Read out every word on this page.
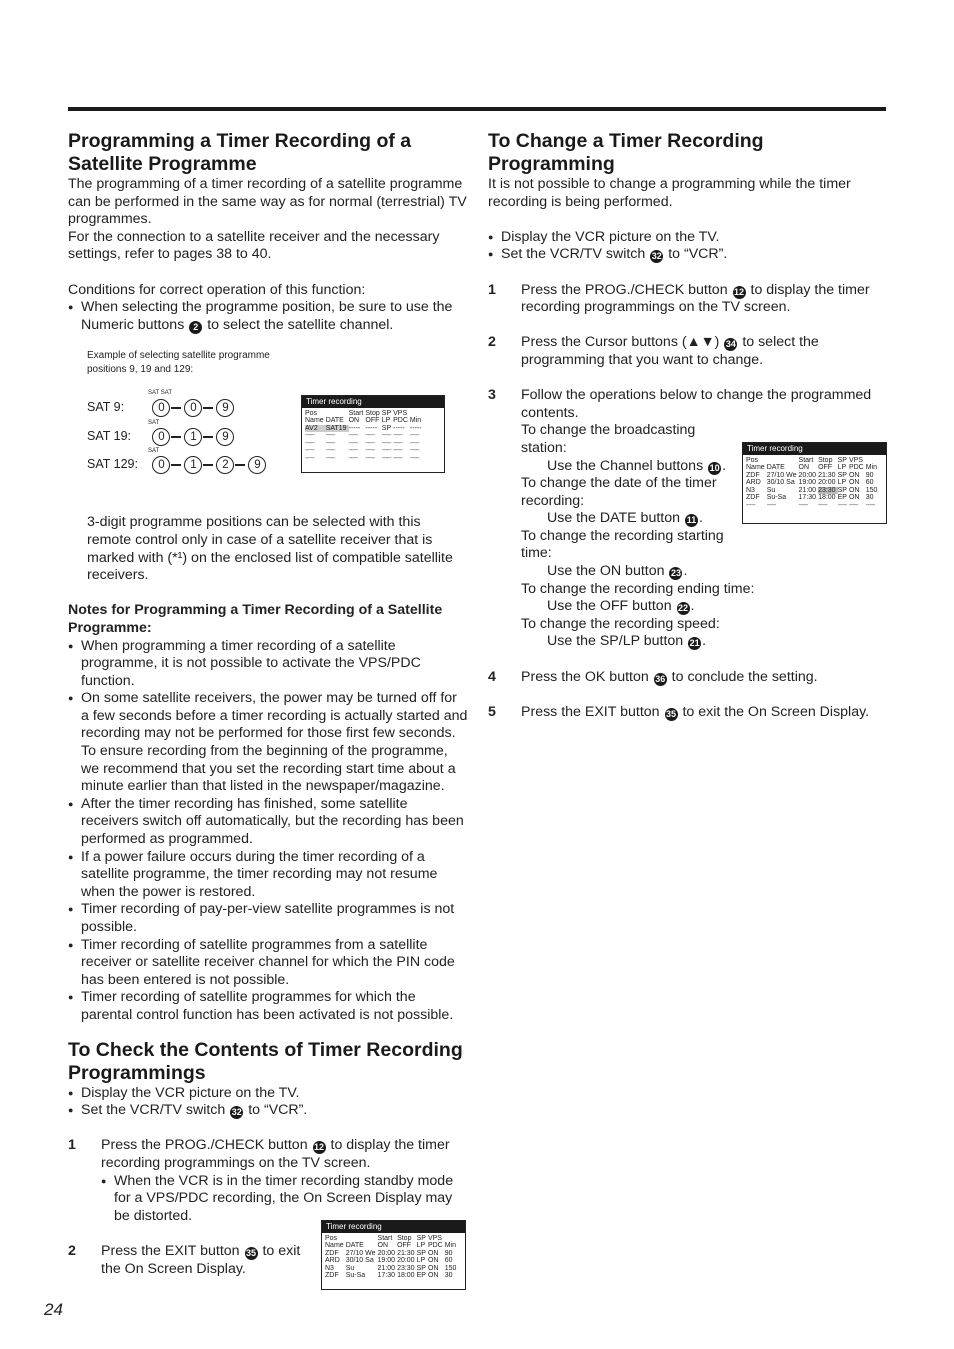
Programming a Timer Recording of a Satellite Programme

The programming of a timer recording of a satellite programme can be performed in the same way as for normal (terrestrial) TV programmes.

For the connection to a satellite receiver and the necessary settings, refer to pages 38 to 40.

Conditions for correct operation of this function:

● When selecting the programme position, be sure to use the Numeric buttons 2 to select the satellite channel.
Example of selecting satellite programme positions 9, 19 and 129:
SAT 9:	0 0 9
SAT 19: 0 1 9
SAT 129: 0 1 2 9
SAT SAT
SAT
SAT
Timer recording
Pos		Start	Stop	SP	VPS	
Name	DATE	ON	OFF	LP	PDC	Min
AV2	SAT19	-----	-----	SP	-----	-----
-----	-----	-----	-----	-----	-----	-----
-----	-----	-----	-----	-----	-----	-----
-----	-----	-----	-----	-----	-----	-----
-----	-----	-----	-----	-----	-----	-----

3-digit programme positions can be selected with this remote control only in case of a satellite receiver that is marked with (*¹) on the enclosed list of compatible satellite receivers.

Notes for Programming a Timer Recording of a Satellite Programme:

● When programming a timer recording of a satellite programme, it is not possible to activate the VPS/PDC function.
● On some satellite receivers, the power may be turned off for a few seconds before a timer recording is actually started and recording may not be performed for those first few seconds. To ensure recording from the beginning of the programme, we recommend that you set the recording start time about a minute earlier than that listed in the newspaper/magazine.
● After the timer recording has finished, some satellite receivers switch off automatically, but the recording has been performed as programmed.
● If a power failure occurs during the timer recording of a satellite programme, the timer recording may not resume when the power is restored.
● Timer recording of pay-per-view satellite programmes is not possible.
● Timer recording of satellite programmes from a satellite receiver or satellite receiver channel for which the PIN code has been entered is not possible.
● Timer recording of satellite programmes for which the parental control function has been activated is not possible.
To Check the Contents of Timer Recording Programmings
● Display the VCR picture on the TV.
● Set the VCR/TV switch 32 to “VCR”.
1 Press the PROG./CHECK button 12 to display the timer recording programmings on the TV screen.
● When the VCR is in the timer recording standby mode for a VPS/PDC recording, the On Screen Display may be distorted.
2 Press the EXIT button 35 to exit the On Screen Display.
Timer recording
Pos		Start	Stop	SP	VPS	
Name	DATE	ON	OFF	LP	PDC	Min
ZDF	27/10 We	20:00	21:30	SP	ON	90
ARD	30/10 Sa	19:00	20:00	LP	ON	60
N3	Su	21:00	23:30	SP	ON	150
ZDF	Su-Sa	17:30	18:00	EP	ON	30
To Change a Timer Recording Programming

It is not possible to change a programming while the timer recording is being performed.

● Display the VCR picture on the TV.
● Set the VCR/TV switch 32 to “VCR”.
1 Press the PROG./CHECK button 12 to display the timer recording programmings on the TV screen.
2 Press the Cursor buttons (▲▼) 34 to select the programming that you want to change.
3 Follow the operations below to change the programmed contents.
To change the broadcasting station:
Use the Channel buttons 10 .
To change the date of the timer recording:
Use the DATE button 11 .
To change the recording starting time:
Use the ON button 23 .
To change the recording ending time:
Use the OFF button 22 .
To change the recording speed:
Use the SP/LP button 21 .
4 Press the OK button 36 to conclude the setting.
5 Press the EXIT button 35 to exit the On Screen Display.
Timer recording
Pos		Start	Stop	SP	VPS	
Name	DATE	ON	OFF	LP	PDC	Min
ZDF	27/10 We	20:00	21:30	SP	ON	90
ARD	30/10 Sa	19:00	20:00	LP	ON	60
N3	Su	21:00	23:30	SP	ON	150
ZDF	Su-Sa	17:30	18:00	EP	ON	30
-----	-----	-----	-----	-----	-----	-----
24
